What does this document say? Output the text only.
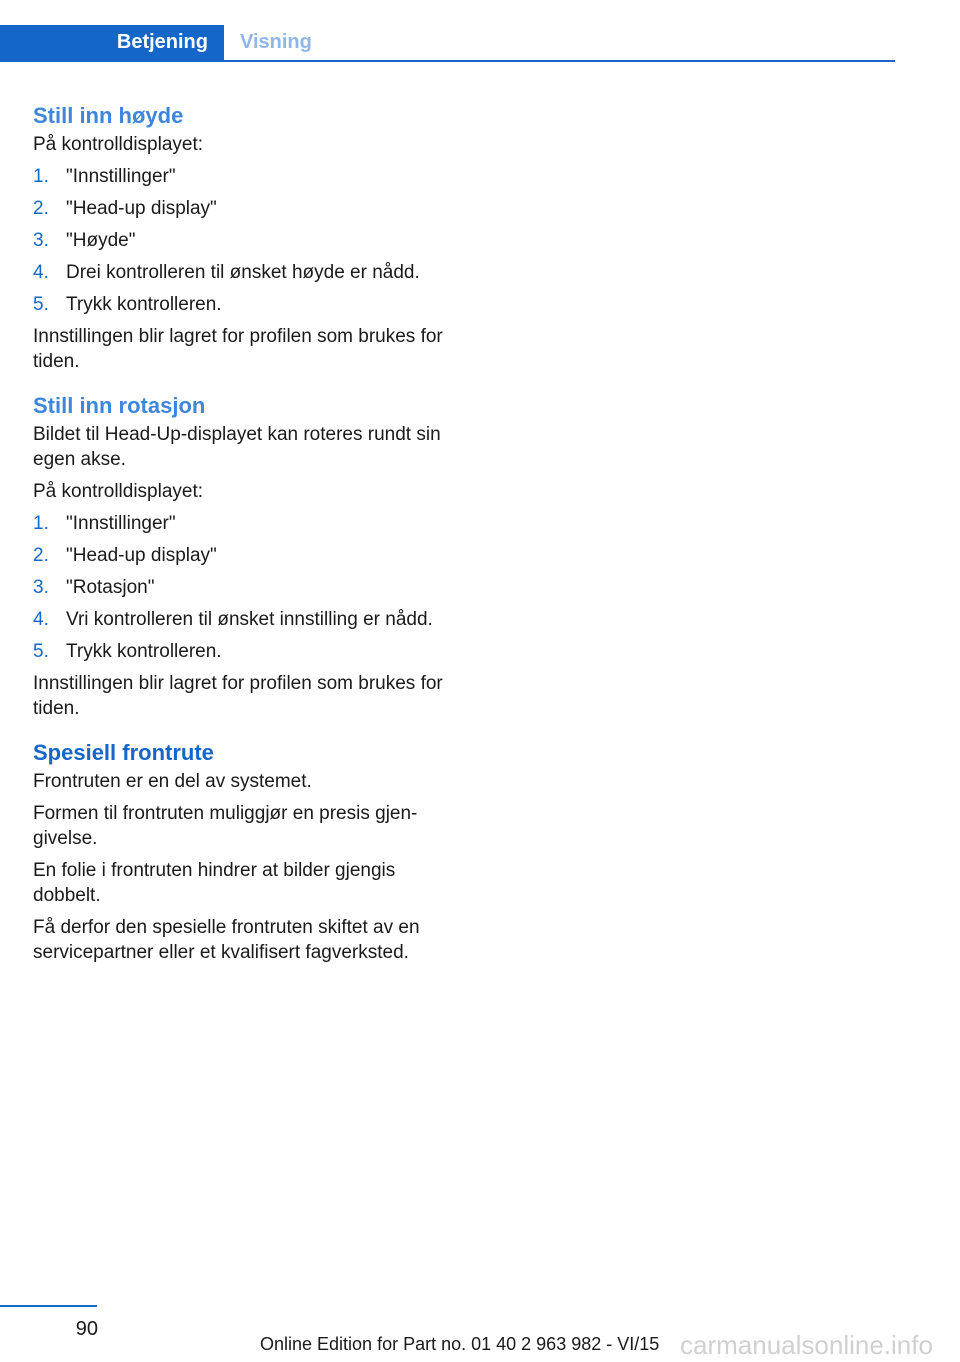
Betjening Visning
Still inn høyde

På kontrolldisplayet:

1. "Innstillinger"
2. "Head-up display"
3. "Høyde"
4. Drei kontrolleren til ønsket høyde er nådd.
5. Trykk kontrolleren.

Innstillingen blir lagret for profilen som brukes for tiden.

Still inn rotasjon

Bildet til Head-Up-displayet kan roteres rundt sin egen akse.

På kontrolldisplayet:

1. "Innstillinger"
2. "Head-up display"
3. "Rotasjon"
4. Vri kontrolleren til ønsket innstilling er nådd.
5. Trykk kontrolleren.

Innstillingen blir lagret for profilen som brukes for tiden.

Spesiell frontrute

Frontruten er en del av systemet.

Formen til frontruten muliggjør en presis gjengivelse.

En folie i frontruten hindrer at bilder gjengis dobbelt.

Få derfor den spesielle frontruten skiftet av en servicepartner eller et kvalifisert fagverksted.

90
Online Edition for Part no. 01 40 2 963 982 - VI/15 carmanualsonline.info
